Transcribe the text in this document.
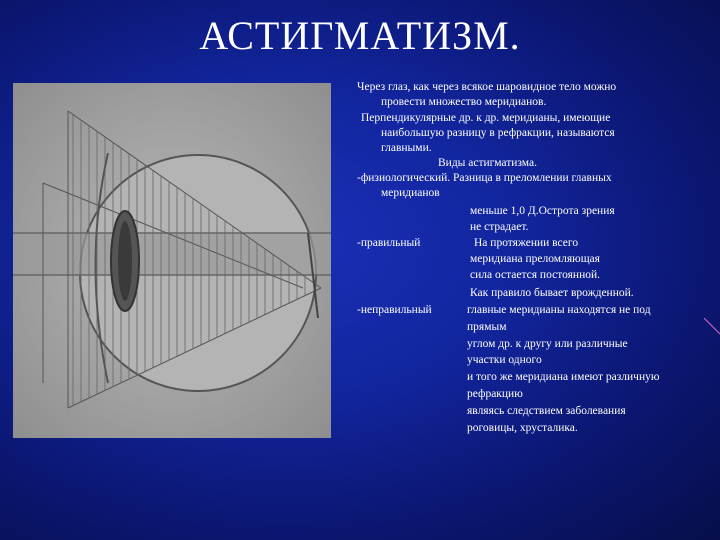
АСТИГМАТИЗМ.
Через глаз, как через всякое шаровидное тело можно
провести множество меридианов.
Перпендикулярные др. к др. меридианы, имеющие
наибольшую разницу в рефракции, называются
главными.
Виды астигматизма.
-физиологический. Разница в преломлении главных
меридианов
меньше 1,0 Д.Острота зрения
не страдает.
-правильный	На протяжении всего
меридиана преломляющая
сила остается постоянной.
Как правило бывает врожденной.
-неправильный	главные меридианы находятся не под
прямым
углом др. к другу или различные
участки одного
и того же меридиана имеют различную
рефракцию
являясь следствием заболевания
роговицы, хрусталика.
